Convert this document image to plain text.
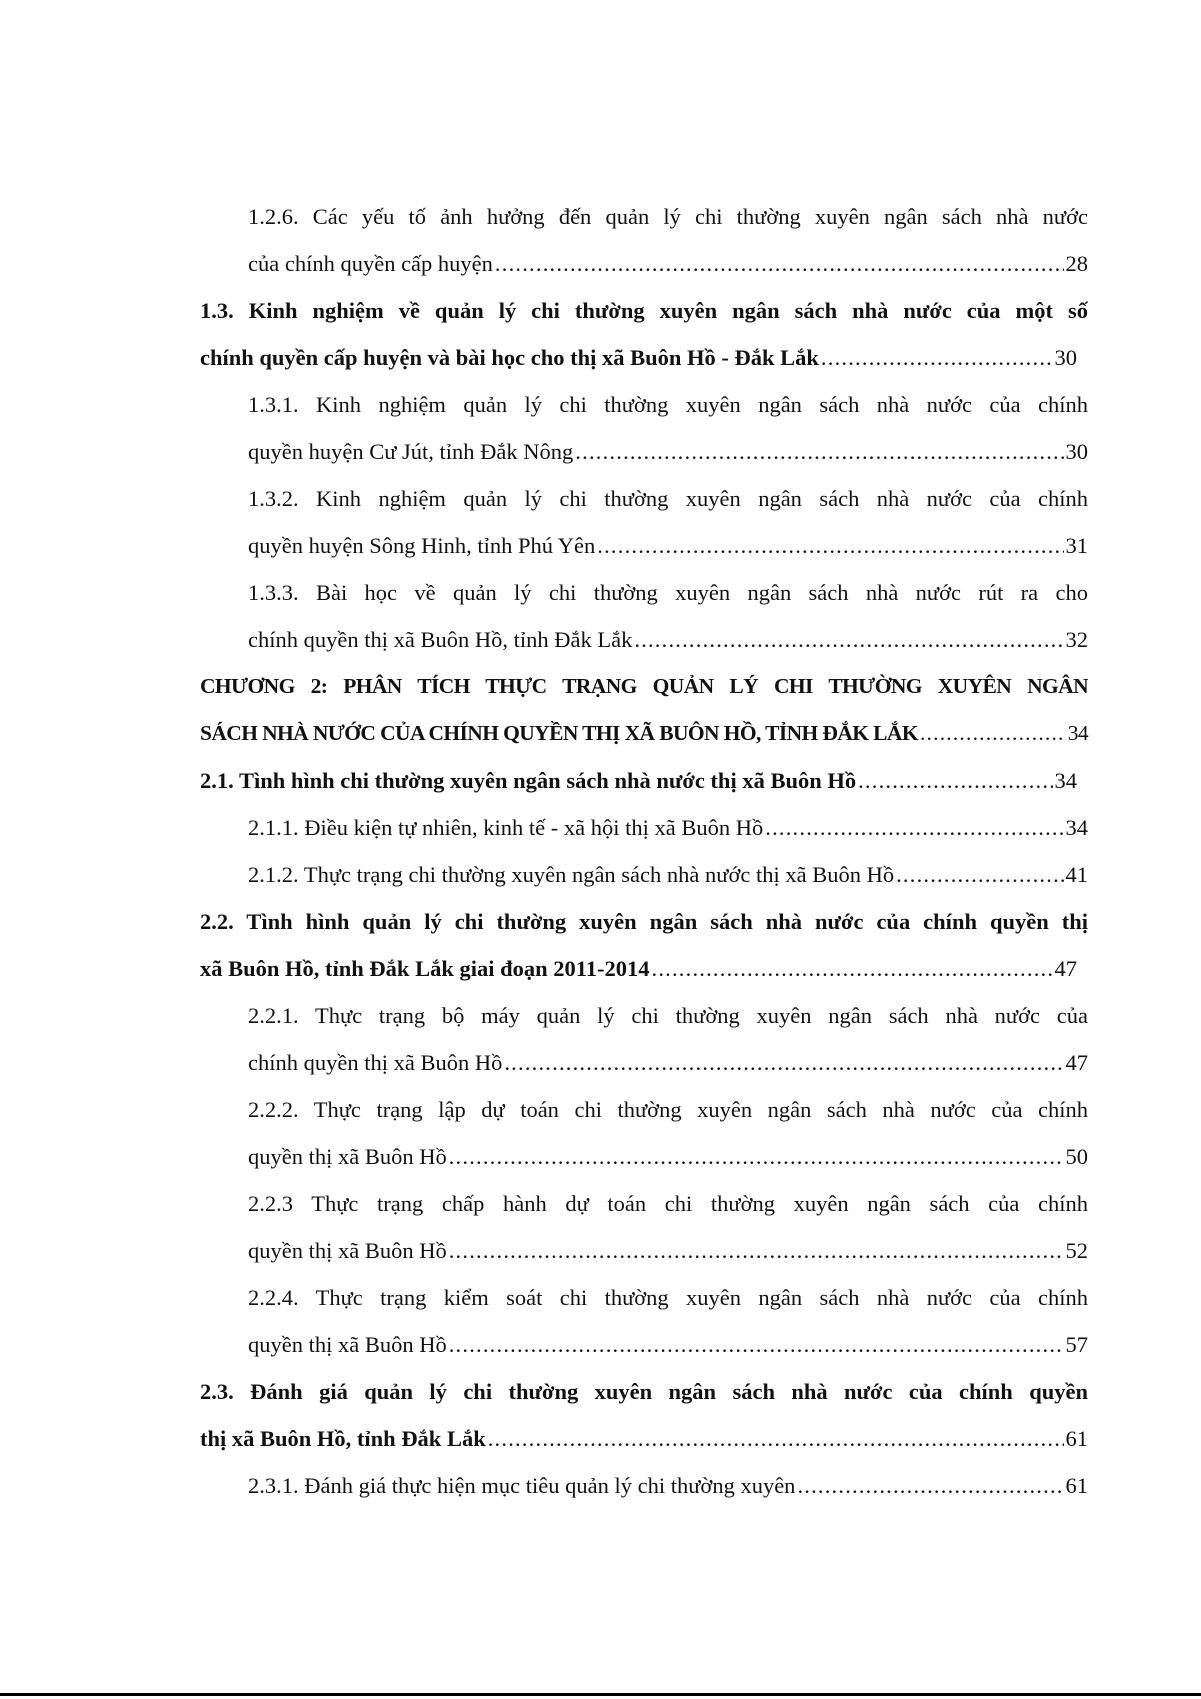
1.2.6. Các yếu tố ảnh hưởng đến quản lý chi thường xuyên ngân sách nhà nước
của chính quyền cấp huyện .....	28
1.3. Kinh nghiệm về quản lý chi thường xuyên ngân sách nhà nước của một số
chính quyền cấp huyện và bài học cho thị xã Buôn Hồ - Đắk Lắk .....	30
1.3.1. Kinh nghiệm quản lý chi thường xuyên ngân sách nhà nước của chính
quyền huyện Cư Jút, tỉnh Đắk Nông .....	30
1.3.2. Kinh nghiệm quản lý chi thường xuyên ngân sách nhà nước của chính
quyền huyện Sông Hinh, tỉnh Phú Yên .....	31
1.3.3. Bài học về quản lý chi thường xuyên ngân sách nhà nước rút ra cho
chính quyền thị xã Buôn Hồ, tỉnh Đắk Lắk .....	32
CHƯƠNG 2: PHÂN TÍCH THỰC TRẠNG QUẢN LÝ CHI THƯỜNG XUYÊN NGÂN
SÁCH NHÀ NƯỚC CỦA CHÍNH QUYỀN THỊ XÃ BUÔN HỒ, TỈNH ĐẮK LẮK .....	34
2.1. Tình hình chi thường xuyên ngân sách nhà nước thị xã Buôn Hồ .....	34
2.1.1. Điều kiện tự nhiên, kinh tế - xã hội thị xã Buôn Hồ .....	34
2.1.2. Thực trạng chi thường xuyên ngân sách nhà nước thị xã Buôn Hồ .....	41
2.2. Tình hình quản lý chi thường xuyên ngân sách nhà nước của chính quyền thị
xã Buôn Hồ, tỉnh Đắk Lắk giai đoạn 2011-2014 .....	47
2.2.1. Thực trạng bộ máy quản lý chi thường xuyên ngân sách nhà nước của
chính quyền thị xã Buôn Hồ .....	47
2.2.2. Thực trạng lập dự toán chi thường xuyên ngân sách nhà nước của chính
quyền thị xã Buôn Hồ .....	50
2.2.3 Thực trạng chấp hành dự toán chi thường xuyên ngân sách của chính
quyền thị xã Buôn Hồ .....	52
2.2.4. Thực trạng kiểm soát chi thường xuyên ngân sách nhà nước của chính
quyền thị xã Buôn Hồ .....	57
2.3. Đánh giá quản lý chi thường xuyên ngân sách nhà nước của chính quyền
thị xã Buôn Hồ, tỉnh Đắk Lắk .....	61
2.3.1. Đánh giá thực hiện mục tiêu quản lý chi thường xuyên .....	61
